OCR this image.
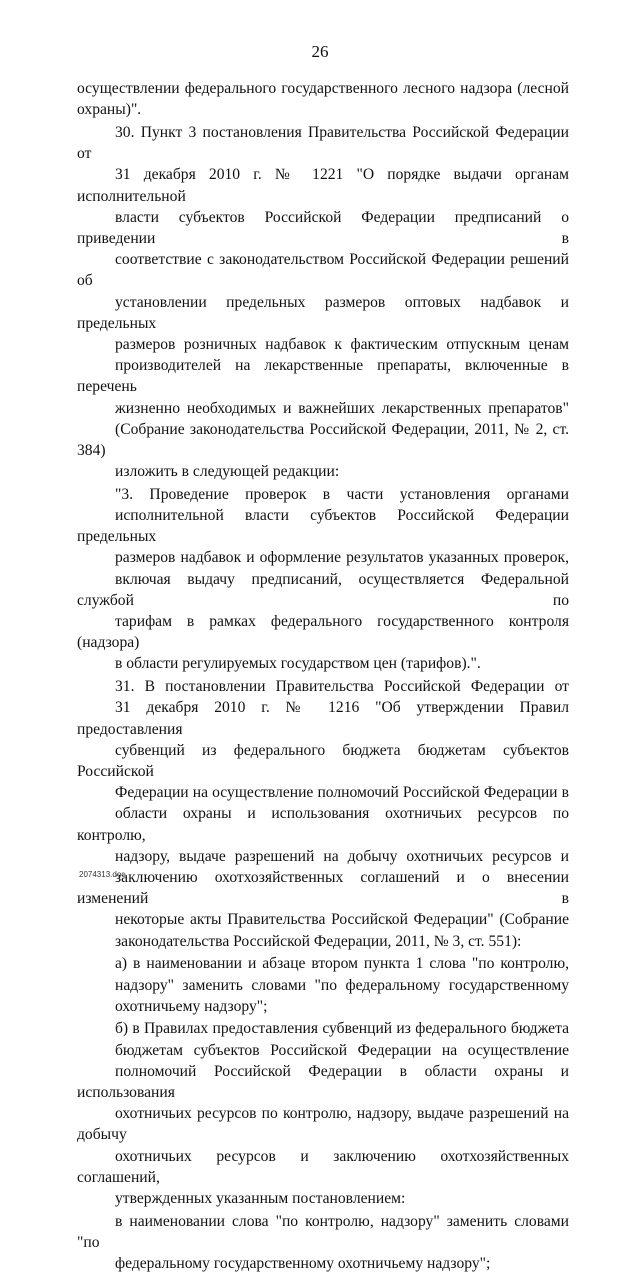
26

осуществлении федерального государственного лесного надзора (лесной
охраны)".

30. Пункт 3 постановления Правительства Российской Федерации от
31 декабря 2010 г. № 1221 "О порядке выдачи органам исполнительной
власти субъектов Российской Федерации предписаний о приведении в
соответствие с законодательством Российской Федерации решений об
установлении предельных размеров оптовых надбавок и предельных
размеров розничных надбавок к фактическим отпускным ценам
производителей на лекарственные препараты, включенные в перечень
жизненно необходимых и важнейших лекарственных препаратов"
(Собрание законодательства Российской Федерации, 2011, № 2, ст. 384)
изложить в следующей редакции:

"3. Проведение проверок в части установления органами
исполнительной власти субъектов Российской Федерации предельных
размеров надбавок и оформление результатов указанных проверок,
включая выдачу предписаний, осуществляется Федеральной службой по
тарифам в рамках федерального государственного контроля (надзора)
в области регулируемых государством цен (тарифов).".

31. В постановлении Правительства Российской Федерации от
31 декабря 2010 г. № 1216 "Об утверждении Правил предоставления
субвенций из федерального бюджета бюджетам субъектов Российской
Федерации на осуществление полномочий Российской Федерации в
области охраны и использования охотничьих ресурсов по контролю,
надзору, выдаче разрешений на добычу охотничьих ресурсов и
заключению охотхозяйственных соглашений и о внесении изменений в
некоторые акты Правительства Российской Федерации" (Собрание
законодательства Российской Федерации, 2011, № 3, ст. 551):

а) в наименовании и абзаце втором пункта 1 слова "по контролю,
надзору" заменить словами "по федеральному государственному
охотничьему надзору";

б) в Правилах предоставления субвенций из федерального бюджета
бюджетам субъектов Российской Федерации на осуществление
полномочий Российской Федерации в области охраны и использования
охотничьих ресурсов по контролю, надзору, выдаче разрешений на добычу
охотничьих ресурсов и заключению охотхозяйственных соглашений,
утвержденных указанным постановлением:

в наименовании слова "по контролю, надзору" заменить словами "по
федеральному государственному охотничьему надзору";

2074313.doc
